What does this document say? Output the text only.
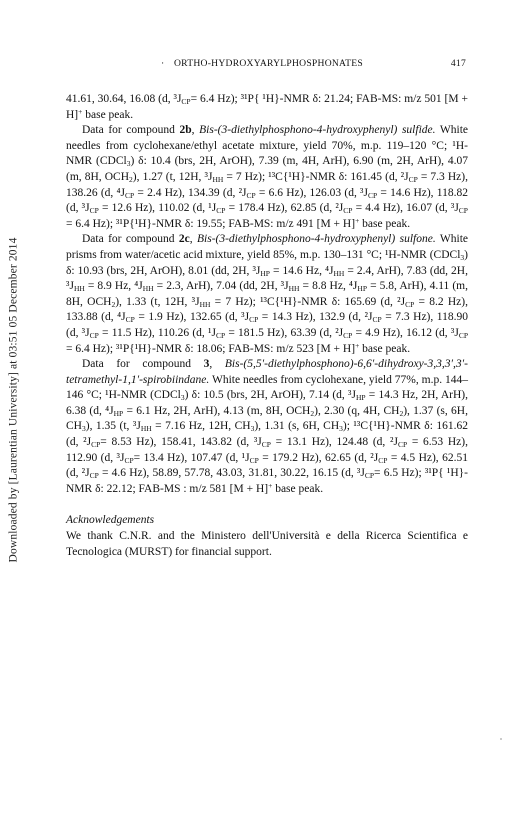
Downloaded by [Laurentian University] at 03:51 05 December 2014
· ORTHO-HYDROXYARYLPHOSPHONATES	417

41.61, 30.64, 16.08 (d, $^3J_{CP}= 6.4$ Hz); ³¹P{ ¹H}-NMR δ: 21.24; FAB-MS: m/z 501 [M + H]+ base peak.

Data for compound 2b, Bis-(3-diethylphosphono-4-hydroxyphenyl) sulfide. White needles from cyclohexane/ethyl acetate mixture, yield 70%, m.p. 119–120 °C; ¹H-NMR (CDCl$_3$) δ: 10.4 (brs, 2H, ArOH), 7.39 (m, 4H, ArH), 6.90 (m, 2H, ArH), 4.07 (m, 8H, $OCH_2$), 1.27 (t, 12H, $^3J_{HH} = 7$ Hz); ¹³C{¹H}-NMR δ: 161.45 (d, $^2J_{CP} = 7.3$ Hz), 138.26 (d, $^4J_{CP} = 2.4$ Hz), 134.39 (d, $^2J_{CP} = 6.6$ Hz), 126.03 (d, $^3J_{CP} = 14.6$ Hz), 118.82 (d, $^3J_{CP} = 12.6$ Hz), 110.02 (d, $^1J_{CP} = 178.4$ Hz), 62.85 (d, $^2J_{CP} = 4.4$ Hz), 16.07 (d, $^3J_{CP} = 6.4$ Hz); ³¹P{¹H}-NMR δ: 19.55; FAB-MS: m/z 491 [M + H]+ base peak.

Data for compound 2c, Bis-(3-diethylphosphono-4-hydroxyphenyl) sulfone. White prisms from water/acetic acid mixture, yield 85%, m.p. 130–131 °C; ¹H-NMR (CDCl$_3$) δ: 10.93 (brs, 2H, ArOH), 8.01 (dd, 2H, $^3J_{HP} = 14.6$ Hz, $^4J_{HH} = 2.4$, ArH), 7.83 (dd, 2H, $^3J_{HH} = 8.9$ Hz, $^4J_{HH} = 2.3$, ArH), 7.04 (dd, 2H, $^3J_{HH} = 8.8$ Hz, $^4J_{HP} = 5.8$, ArH), 4.11 (m, 8H, $OCH_2$), 1.33 (t, 12H, $^3J_{HH} = 7$ Hz); ¹³C{¹H}-NMR δ: 165.69 (d, $^2J_{CP} = 8.2$ Hz), 133.88 (d, $^4J_{CP} = 1.9$ Hz), 132.65 (d, $^3J_{CP} = 14.3$ Hz), 132.9 (d, $^2J_{CP} = 7.3$ Hz), 118.90 (d, $^3J_{CP} = 11.5$ Hz), 110.26 (d, $^1J_{CP} = 181.5$ Hz), 63.39 (d, $^2J_{CP} = 4.9$ Hz), 16.12 (d, $^3J_{CP} = 6.4$ Hz); ³¹P{¹H}-NMR δ: 18.06; FAB-MS: m/z 523 [M + H]+ base peak.

Data for compound 3, Bis-(5,5′-diethylphosphono)-6,6′-dihydroxy-3,3,3′,3′-tetramethyl-1,1′-spirobiindane. White needles from cyclohexane, yield 77%, m.p. 144–146 °C; ¹H-NMR (CDCl$_3$) δ: 10.5 (brs, 2H, ArOH), 7.14 (d, $^3J_{HP} = 14.3$ Hz, 2H, ArH), 6.38 (d, $^4J_{HP} = 6.1$ Hz, 2H, ArH), 4.13 (m, 8H, $OCH_2$), 2.30 (q, 4H, $CH_2$), 1.37 (s, 6H, $CH_3$), 1.35 (t, $^3J_{HH} = 7.16$ Hz, 12H, $CH_3$), 1.31 (s, 6H, $CH_3$); ¹³C{¹H}-NMR δ: 161.62 (d, $^2J_{CP}= 8.53$ Hz), 158.41, 143.82 (d, $^3J_{CP} = 13.1$ Hz), 124.48 (d, $^2J_{CP} = 6.53$ Hz), 112.90 (d, $^3J_{CP}= 13.4$ Hz), 107.47 (d, $^1J_{CP} = 179.2$ Hz), 62.65 (d, $^2J_{CP} = 4.5$ Hz), 62.51 (d, $^2J_{CP} = 4.6$ Hz), 58.89, 57.78, 43.03, 31.81, 30.22, 16.15 (d, $^3J_{CP}= 6.5$ Hz); ³¹P{ ¹H}-NMR δ: 22.12; FAB-MS : m/z 581 [M + H]+ base peak.

Acknowledgements

We thank C.N.R. and the Ministero dell'Università e della Ricerca Scientifica e Tecnologica (MURST) for financial support.
